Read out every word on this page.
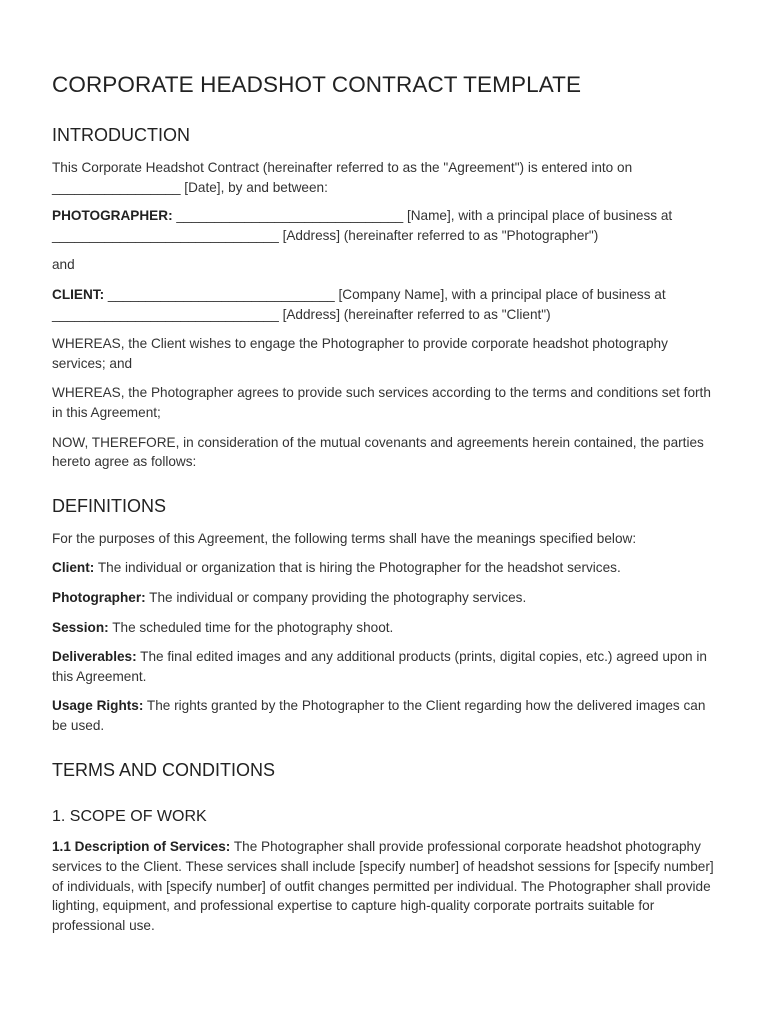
CORPORATE HEADSHOT CONTRACT TEMPLATE
INTRODUCTION

This Corporate Headshot Contract (hereinafter referred to as the "Agreement") is entered into on _________________ [Date], by and between:

PHOTOGRAPHER: ______________________________ [Name], with a principal place of business at ______________________________ [Address] (hereinafter referred to as "Photographer")

and

CLIENT: ______________________________ [Company Name], with a principal place of business at ______________________________ [Address] (hereinafter referred to as "Client")

WHEREAS, the Client wishes to engage the Photographer to provide corporate headshot photography services; and

WHEREAS, the Photographer agrees to provide such services according to the terms and conditions set forth in this Agreement;

NOW, THEREFORE, in consideration of the mutual covenants and agreements herein contained, the parties hereto agree as follows:

DEFINITIONS

For the purposes of this Agreement, the following terms shall have the meanings specified below:

Client: The individual or organization that is hiring the Photographer for the headshot services.

Photographer: The individual or company providing the photography services.

Session: The scheduled time for the photography shoot.

Deliverables: The final edited images and any additional products (prints, digital copies, etc.) agreed upon in this Agreement.

Usage Rights: The rights granted by the Photographer to the Client regarding how the delivered images can be used.

TERMS AND CONDITIONS
1. SCOPE OF WORK

1.1 Description of Services: The Photographer shall provide professional corporate headshot photography services to the Client. These services shall include [specify number] of headshot sessions for [specify number] of individuals, with [specify number] of outfit changes permitted per individual. The Photographer shall provide lighting, equipment, and professional expertise to capture high-quality corporate portraits suitable for professional use.
